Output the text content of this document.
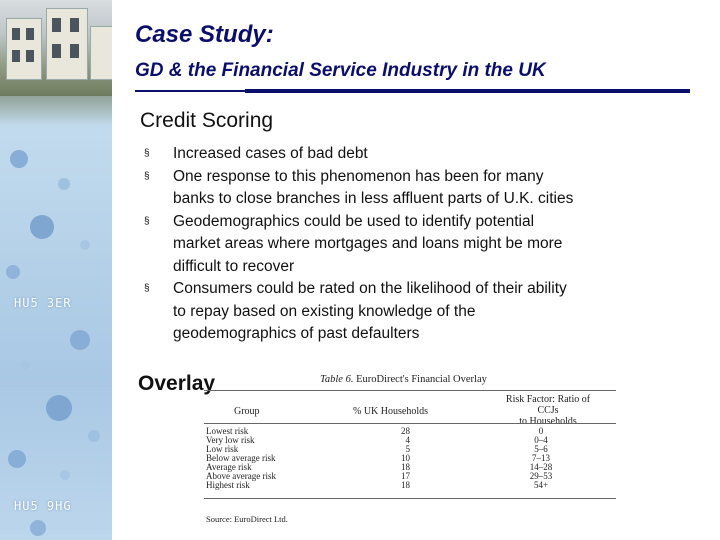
HU5 3ER
HU5 9HG
Case Study:
GD & the Financial Service Industry in the UK
Credit Scoring
§ Increased cases of bad debt
§ One response to this phenomenon has been for many
banks to close branches in less affluent parts of U.K. cities
§ Geodemographics could be used to identify potential
market areas where mortgages and loans might be more
difficult to recover
§ Consumers could be rated on the likelihood of their ability
to repay based on existing knowledge of the
geodemographics of past defaulters
Overlay	Table 6. EuroDirect's Financial Overlay
Group	% UK Households
Risk Factor: Ratio of CCJs
to Households
Lowest risk	28	0
Very low risk	4	0–4
Low risk	5	5–6
Below average risk	10	7–13
Average risk	18	14–28
Above average risk	17	29–53
Highest risk	18	54+
Source: EuroDirect Ltd.
